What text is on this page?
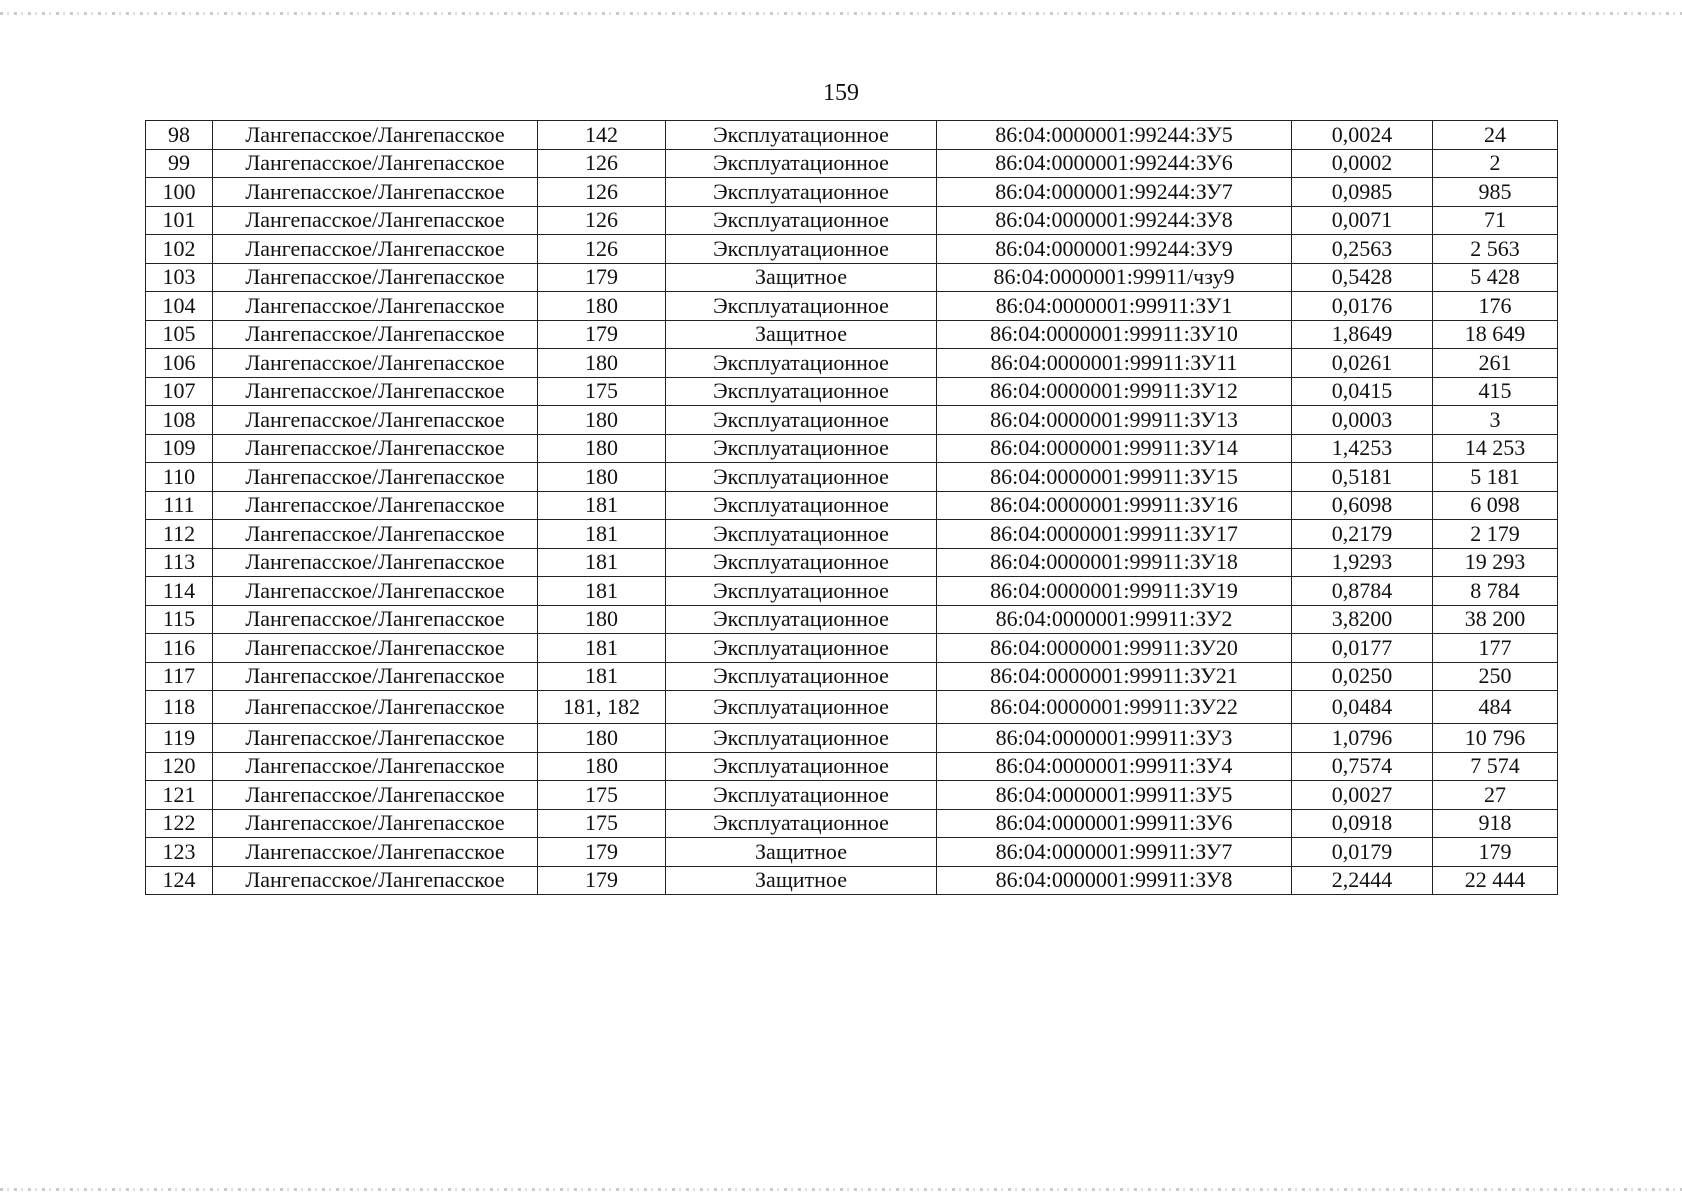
159
98	Лангепасское/Лангепасское	142	Эксплуатационное	86:04:0000001:99244:ЗУ5	0,0024	24
99	Лангепасское/Лангепасское	126	Эксплуатационное	86:04:0000001:99244:ЗУ6	0,0002	2
100	Лангепасское/Лангепасское	126	Эксплуатационное	86:04:0000001:99244:ЗУ7	0,0985	985
101	Лангепасское/Лангепасское	126	Эксплуатационное	86:04:0000001:99244:ЗУ8	0,0071	71
102	Лангепасское/Лангепасское	126	Эксплуатационное	86:04:0000001:99244:ЗУ9	0,2563	2 563
103	Лангепасское/Лангепасское	179	Защитное	86:04:0000001:99911/чзу9	0,5428	5 428
104	Лангепасское/Лангепасское	180	Эксплуатационное	86:04:0000001:99911:ЗУ1	0,0176	176
105	Лангепасское/Лангепасское	179	Защитное	86:04:0000001:99911:ЗУ10	1,8649	18 649
106	Лангепасское/Лангепасское	180	Эксплуатационное	86:04:0000001:99911:ЗУ11	0,0261	261
107	Лангепасское/Лангепасское	175	Эксплуатационное	86:04:0000001:99911:ЗУ12	0,0415	415
108	Лангепасское/Лангепасское	180	Эксплуатационное	86:04:0000001:99911:ЗУ13	0,0003	3
109	Лангепасское/Лангепасское	180	Эксплуатационное	86:04:0000001:99911:ЗУ14	1,4253	14 253
110	Лангепасское/Лангепасское	180	Эксплуатационное	86:04:0000001:99911:ЗУ15	0,5181	5 181
111	Лангепасское/Лангепасское	181	Эксплуатационное	86:04:0000001:99911:ЗУ16	0,6098	6 098
112	Лангепасское/Лангепасское	181	Эксплуатационное	86:04:0000001:99911:ЗУ17	0,2179	2 179
113	Лангепасское/Лангепасское	181	Эксплуатационное	86:04:0000001:99911:ЗУ18	1,9293	19 293
114	Лангепасское/Лангепасское	181	Эксплуатационное	86:04:0000001:99911:ЗУ19	0,8784	8 784
115	Лангепасское/Лангепасское	180	Эксплуатационное	86:04:0000001:99911:ЗУ2	3,8200	38 200
116	Лангепасское/Лангепасское	181	Эксплуатационное	86:04:0000001:99911:ЗУ20	0,0177	177
117	Лангепасское/Лангепасское	181	Эксплуатационное	86:04:0000001:99911:ЗУ21	0,0250	250
118	Лангепасское/Лангепасское	181, 182	Эксплуатационное	86:04:0000001:99911:ЗУ22	0,0484	484
119	Лангепасское/Лангепасское	180	Эксплуатационное	86:04:0000001:99911:ЗУ3	1,0796	10 796
120	Лангепасское/Лангепасское	180	Эксплуатационное	86:04:0000001:99911:ЗУ4	0,7574	7 574
121	Лангепасское/Лангепасское	175	Эксплуатационное	86:04:0000001:99911:ЗУ5	0,0027	27
122	Лангепасское/Лангепасское	175	Эксплуатационное	86:04:0000001:99911:ЗУ6	0,0918	918
123	Лангепасское/Лангепасское	179	Защитное	86:04:0000001:99911:ЗУ7	0,0179	179
124	Лангепасское/Лангепасское	179	Защитное	86:04:0000001:99911:ЗУ8	2,2444	22 444
